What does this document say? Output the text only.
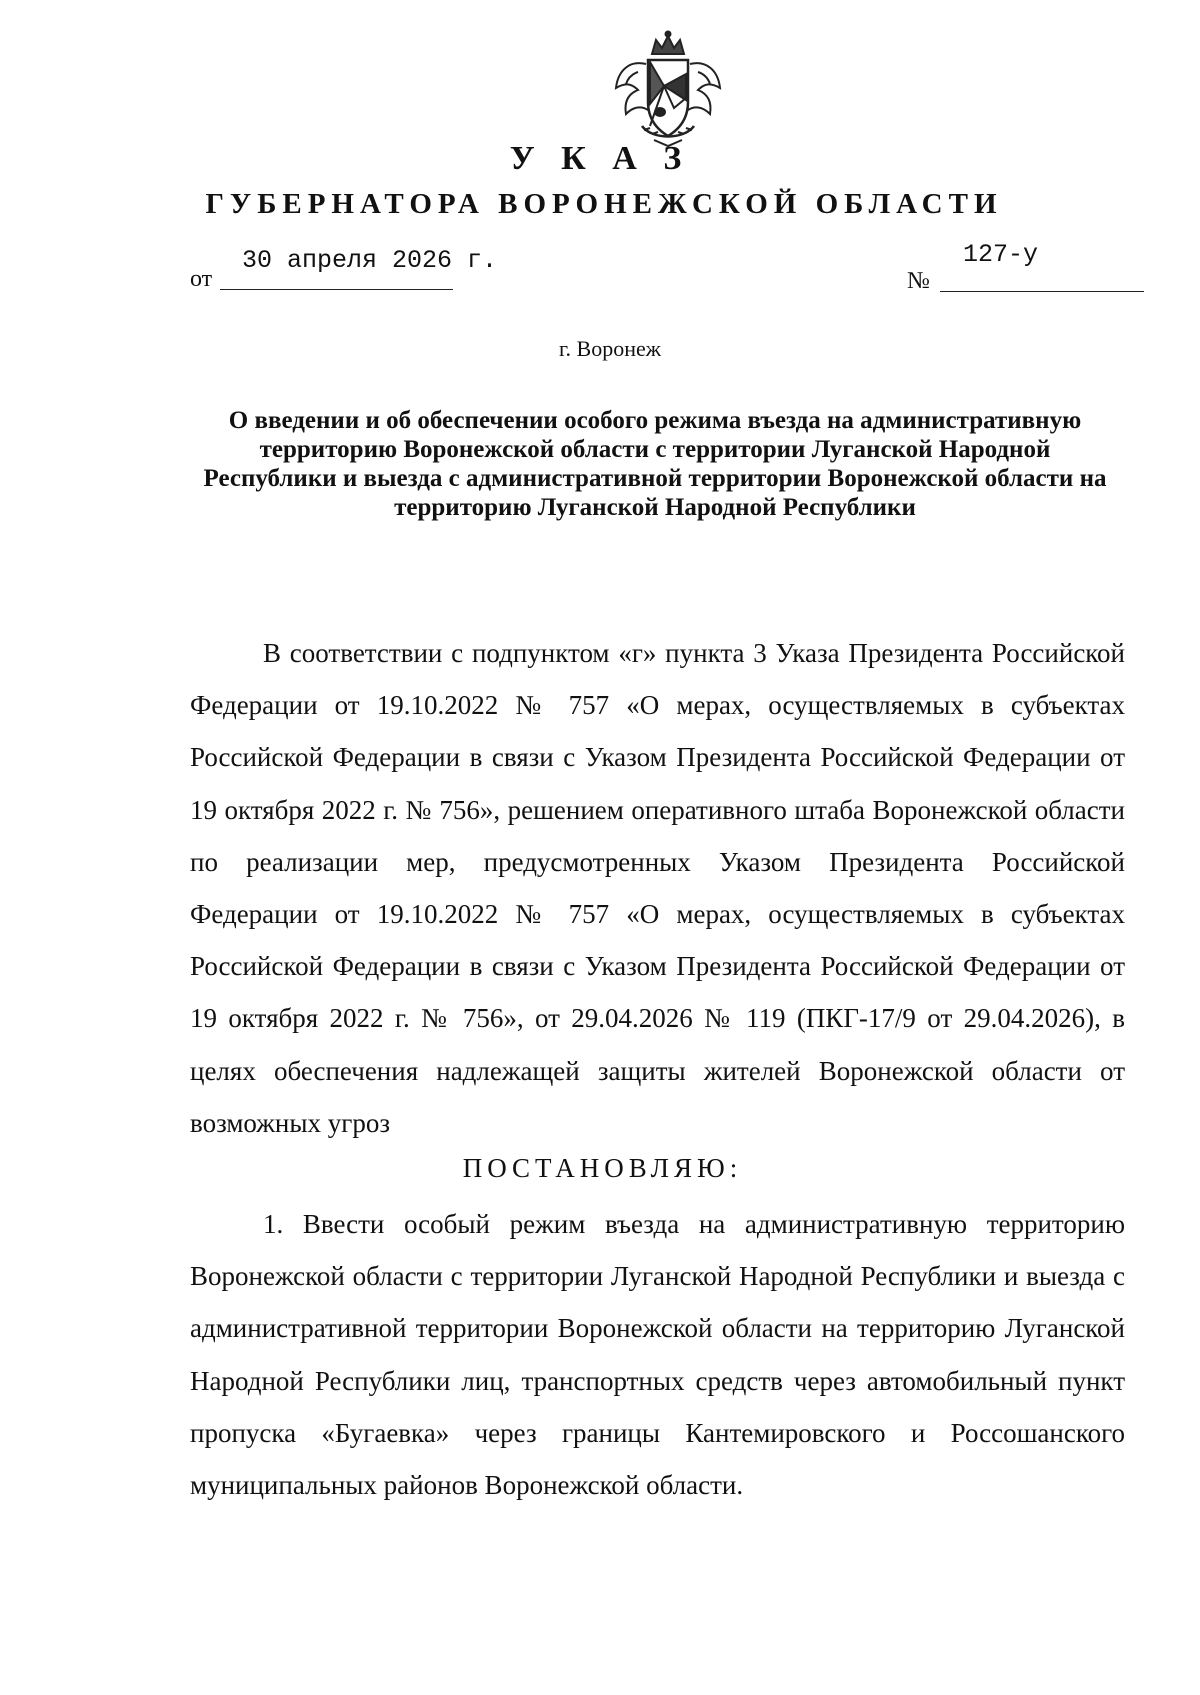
У К А З
ГУБЕРНАТОРА ВОРОНЕЖСКОЙ ОБЛАСТИ
от
30 апреля 2026 г.
№
127-у
г. Воронеж
О введении и об обеспечении особого режима въезда на административную территорию Воронежской области с территории Луганской Народной Республики и выезда с административной территории Воронежской области на территорию Луганской Народной Республики

В соответствии с подпунктом «г» пункта 3 Указа Президента Российской Федерации от 19.10.2022 № 757 «О мерах, осуществляемых в субъектах Российской Федерации в связи с Указом Президента Российской Федерации от 19 октября 2022 г. № 756», решением оперативного штаба Воронежской области по реализации мер, предусмотренных Указом Президента Российской Федерации от 19.10.2022 № 757 «О мерах, осуществляемых в субъектах Российской Федерации в связи с Указом Президента Российской Федерации от 19 октября 2022 г. № 756», от 29.04.2026 № 119 (ПКГ-17/9 от 29.04.2026), в целях обеспечения надлежащей защиты жителей Воронежской области от возможных угроз

ПОСТАНОВЛЯЮ:

1. Ввести особый режим въезда на административную территорию Воронежской области с территории Луганской Народной Республики и выезда с административной территории Воронежской области на территорию Луганской Народной Республики лиц, транспортных средств через автомобильный пункт пропуска «Бугаевка» через границы Кантемировского и Россошанского муниципальных районов Воронежской области.
